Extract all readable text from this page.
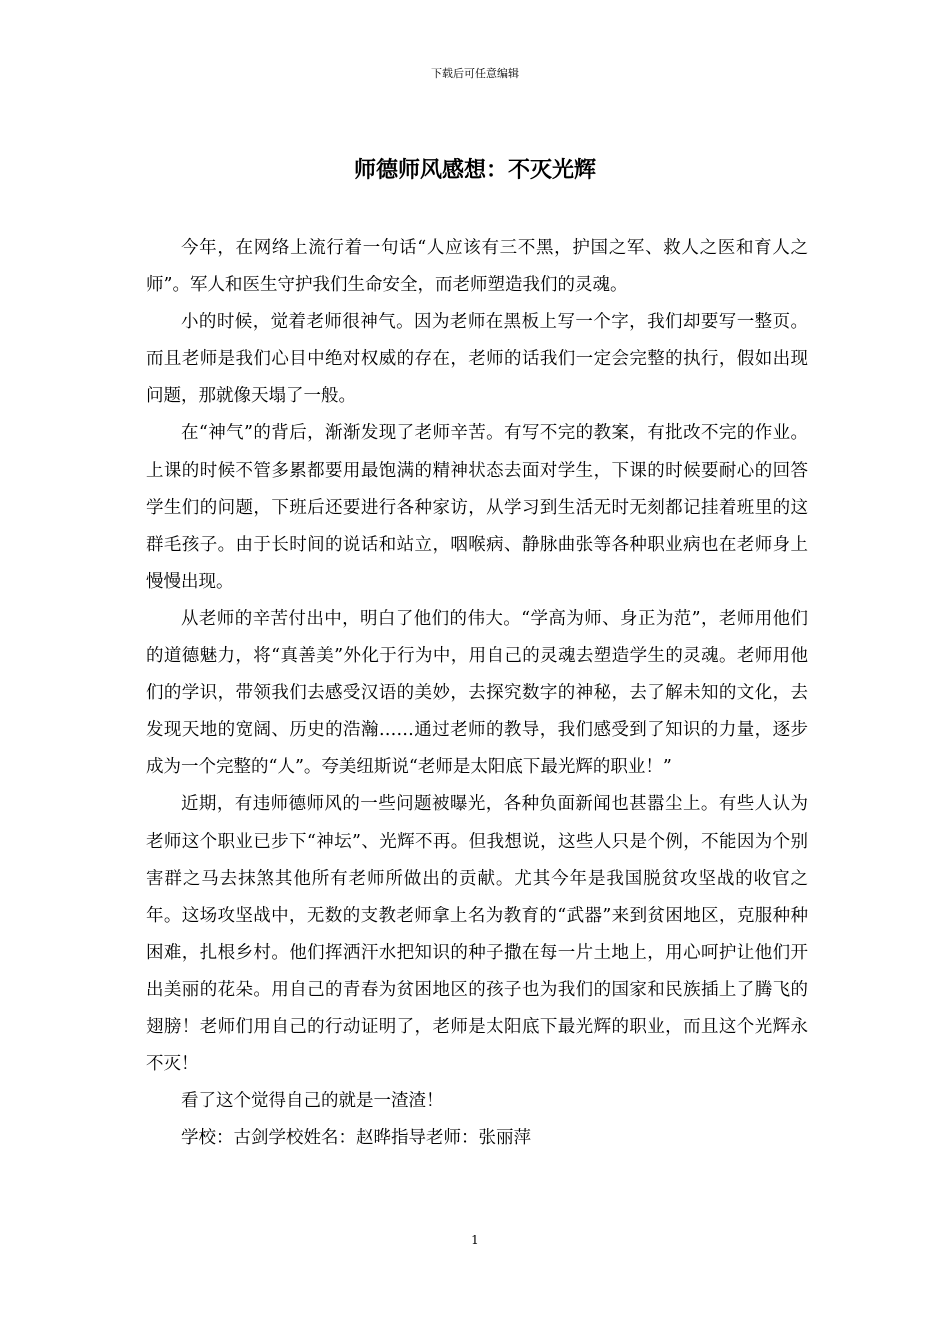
下载后可任意编辑
师德师风感想：不灭光辉

今年，在网络上流行着一句话“人应该有三不黑，护国之军、救人之医和育人之师”。军人和医生守护我们生命安全，而老师塑造我们的灵魂。

小的时候，觉着老师很神气。因为老师在黑板上写一个字，我们却要写一整页。而且老师是我们心目中绝对权威的存在，老师的话我们一定会完整的执行，假如出现问题，那就像天塌了一般。

在“神气”的背后，渐渐发现了老师辛苦。有写不完的教案，有批改不完的作业。上课的时候不管多累都要用最饱满的精神状态去面对学生，下课的时候要耐心的回答学生们的问题，下班后还要进行各种家访，从学习到生活无时无刻都记挂着班里的这群毛孩子。由于长时间的说话和站立，咽喉病、静脉曲张等各种职业病也在老师身上慢慢出现。

从老师的辛苦付出中，明白了他们的伟大。“学高为师、身正为范”，老师用他们的道德魅力，将“真善美”外化于行为中，用自己的灵魂去塑造学生的灵魂。老师用他们的学识，带领我们去感受汉语的美妙，去探究数字的神秘，去了解未知的文化，去发现天地的宽阔、历史的浩瀚……通过老师的教导，我们感受到了知识的力量，逐步成为一个完整的“人”。夸美纽斯说“老师是太阳底下最光辉的职业！”

近期，有违师德师风的一些问题被曝光，各种负面新闻也甚嚣尘上。有些人认为老师这个职业已步下“神坛”、光辉不再。但我想说，这些人只是个例，不能因为个别害群之马去抹煞其他所有老师所做出的贡献。尤其今年是我国脱贫攻坚战的收官之年。这场攻坚战中，无数的支教老师拿上名为教育的“武器”来到贫困地区，克服种种困难，扎根乡村。他们挥洒汗水把知识的种子撒在每一片土地上，用心呵护让他们开出美丽的花朵。用自己的青春为贫困地区的孩子也为我们的国家和民族插上了腾飞的翅膀！老师们用自己的行动证明了，老师是太阳底下最光辉的职业，而且这个光辉永不灭！

看了这个觉得自己的就是一渣渣！

学校：古剑学校姓名：赵晔指导老师：张丽萍

1
